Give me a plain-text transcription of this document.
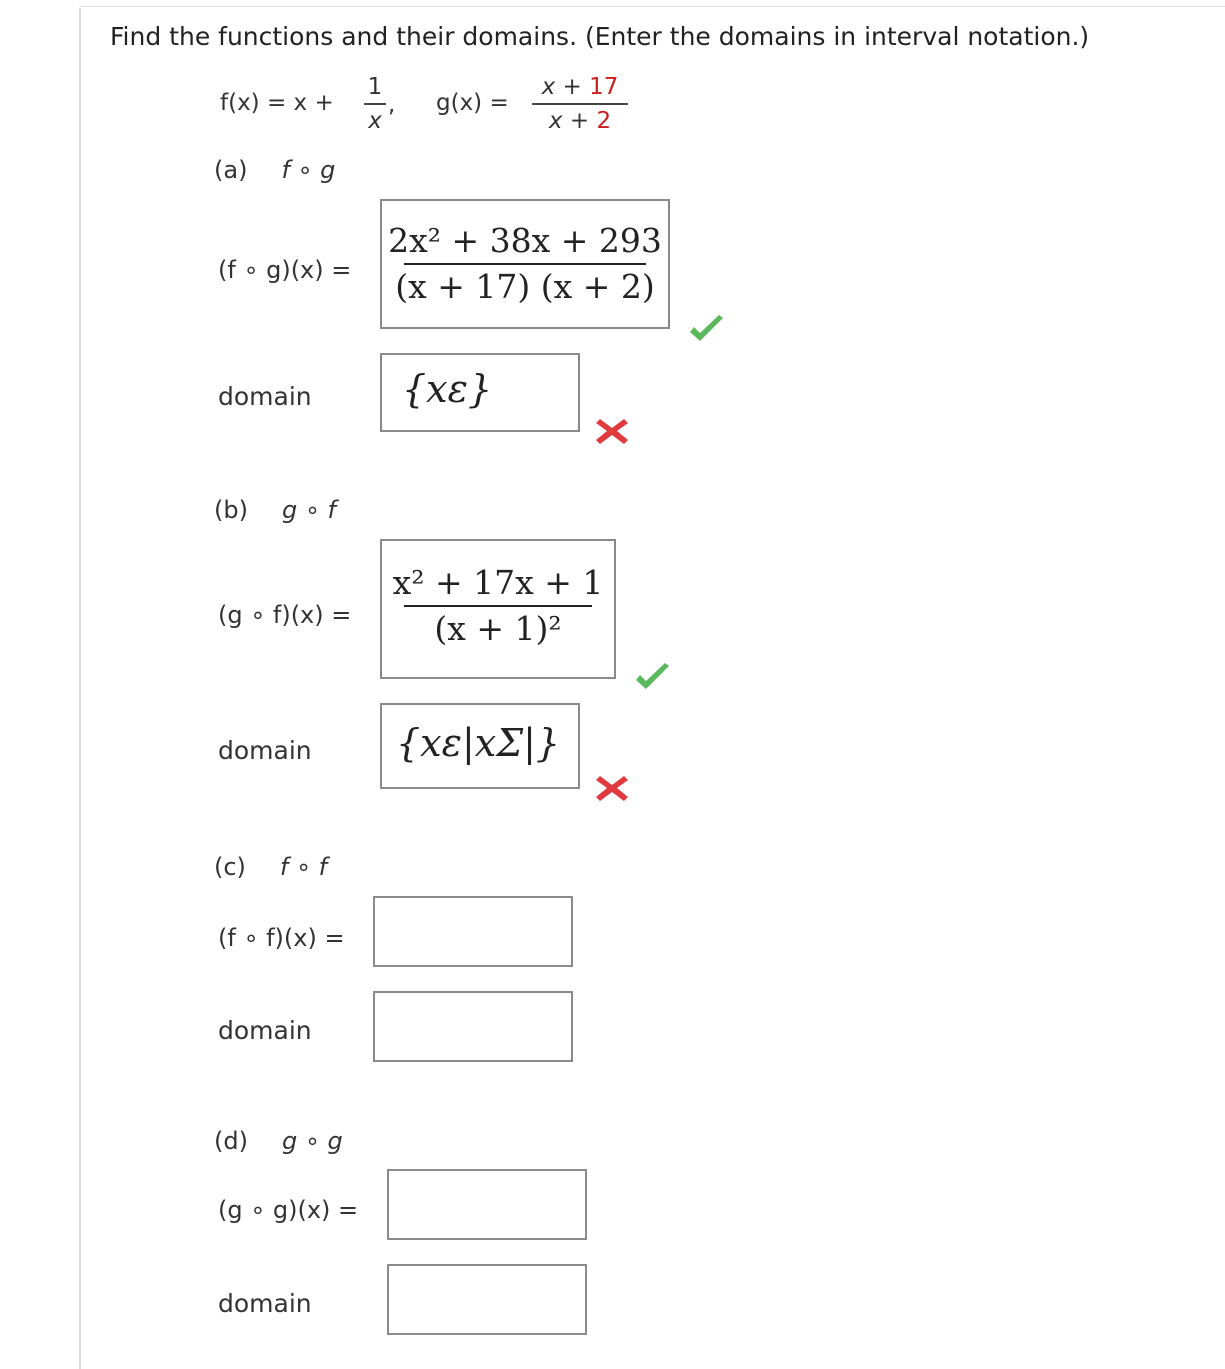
Find the functions and their domains. (Enter the domains in interval notation.)
f(x) = x +
1
x
, g(x) =
x + 17
x + 2
(a) f ∘ g
(f ∘ g)(x) =
2x² + 38x + 293
(x + 17) (x + 2)
domain {xε}
(b) g ∘ f
(g ∘ f)(x) =
x² + 17x + 1
(x + 1)²
domain {xε|xΣ|}
(c) f ∘ f
(f ∘ f)(x) =
domain
(d) g ∘ g
(g ∘ g)(x) =
domain
